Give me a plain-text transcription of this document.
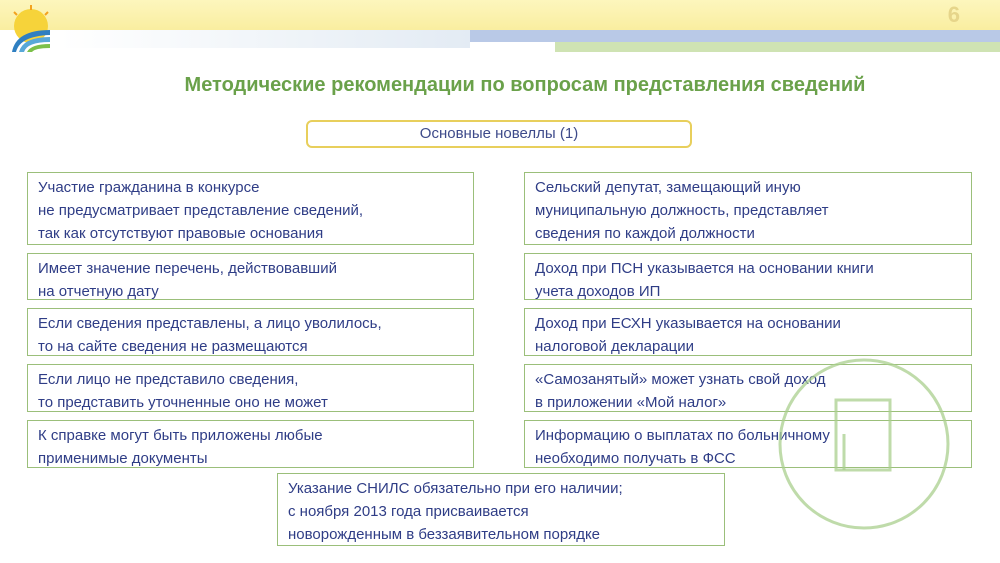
6
Методические рекомендации по вопросам представления сведений
Основные новеллы (1)
Участие гражданина в конкурсе
не предусматривает представление сведений,
так как отсутствуют правовые основания
Имеет значение перечень, действовавший
на отчетную дату
Если сведения представлены, а лицо уволилось,
то на сайте сведения не размещаются
Если лицо не представило сведения,
то представить уточненные оно не может
К справке могут быть приложены любые
применимые документы
Сельский депутат, замещающий иную
муниципальную должность, представляет
сведения по каждой должности
Доход при ПСН указывается на основании книги
учета доходов ИП
Доход при ЕСХН указывается на основании
налоговой декларации
«Самозанятый» может узнать свой доход
в приложении «Мой налог»
Информацию о выплатах по больничному
необходимо получать в ФСС
Указание СНИЛС обязательно при его наличии;
с ноября 2013 года присваивается
новорожденным в беззаявительном порядке
